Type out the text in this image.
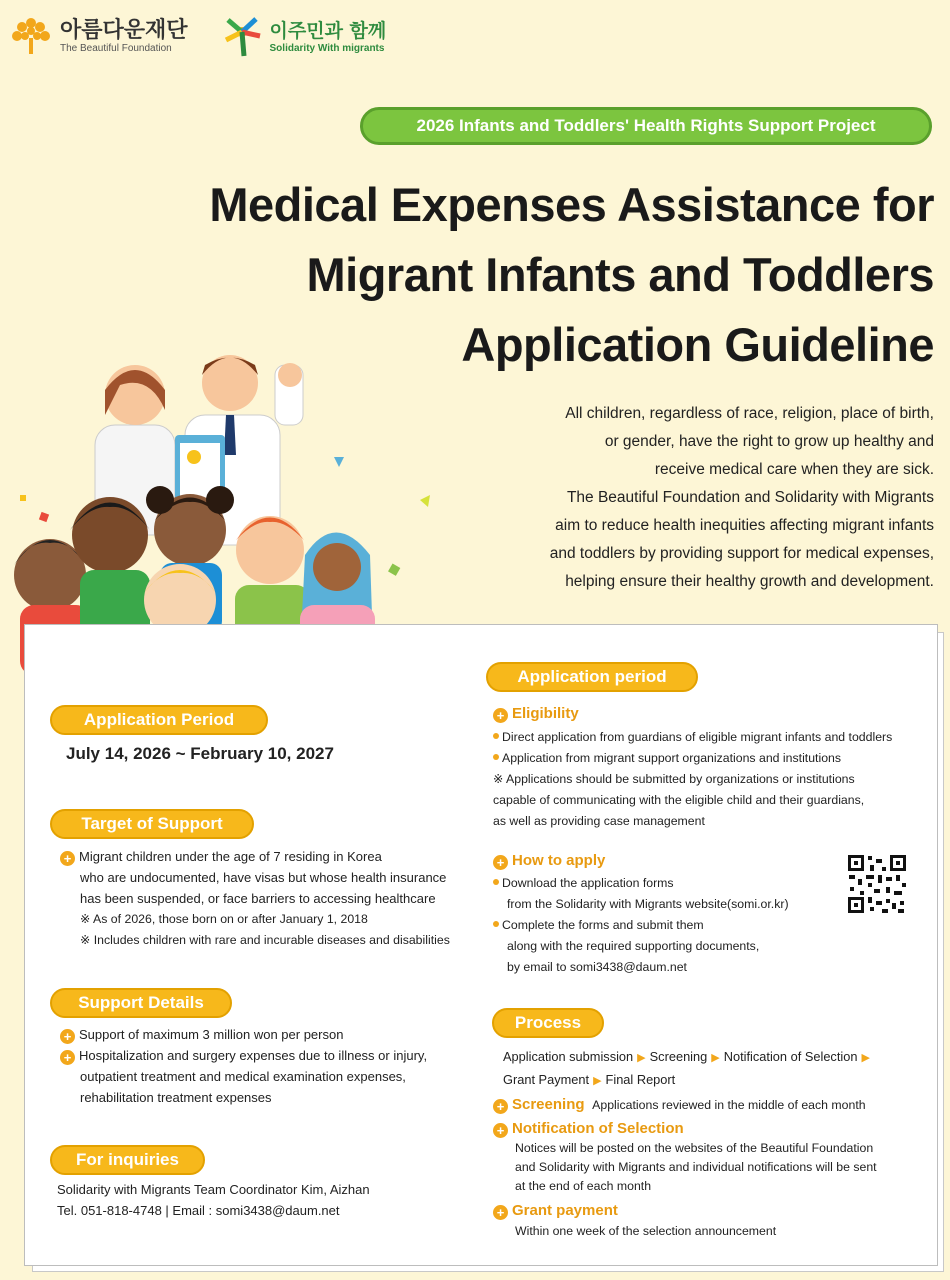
아름다운재단
The Beautiful Foundation
이주민과 함께
Solidarity With migrants
2026 Infants and Toddlers' Health Rights Support Project
Medical Expenses Assistance for
Migrant Infants and Toddlers
Application Guideline
All children, regardless of race, religion, place of birth,
or gender, have the right to grow up healthy and
receive medical care when they are sick.
The Beautiful Foundation and Solidarity with Migrants
aim to reduce health inequities affecting migrant infants
and toddlers by providing support for medical expenses,
helping ensure their healthy growth and development.
Application Period
July 14, 2026 ~ February 10, 2027
Target of Support
+ Migrant children under the age of 7 residing in Korea
who are undocumented, have visas but whose health insurance
has been suspended, or face barriers to accessing healthcare
※ As of 2026, those born on or after January 1, 2018
※ Includes children with rare and incurable diseases and disabilities
Support Details
+ Support of maximum 3 million won per person
+ Hospitalization and surgery expenses due to illness or injury,
outpatient treatment and medical examination expenses,
rehabilitation treatment expenses
For inquiries
Solidarity with Migrants Team Coordinator Kim, Aizhan
Tel. 051-818-4748 | Email : somi3438@daum.net
Application period
+ Eligibility
Direct application from guardians of eligible migrant infants and toddlers
Application from migrant support organizations and institutions
※ Applications should be submitted by organizations or institutions
capable of communicating with the eligible child and their guardians,
as well as providing case management
+ How to apply
Download the application forms
from the Solidarity with Migrants website(somi.or.kr)
Complete the forms and submit them
along with the required supporting documents,
by email to somi3438@daum.net
Process
Application submission ▶ Screening ▶ Notification of Selection ▶
Grant Payment ▶ Final Report
+ Screening Applications reviewed in the middle of each month
+ Notification of Selection
Notices will be posted on the websites of the Beautiful Foundation
and Solidarity with Migrants and individual notifications will be sent
at the end of each month
+ Grant payment
Within one week of the selection announcement
